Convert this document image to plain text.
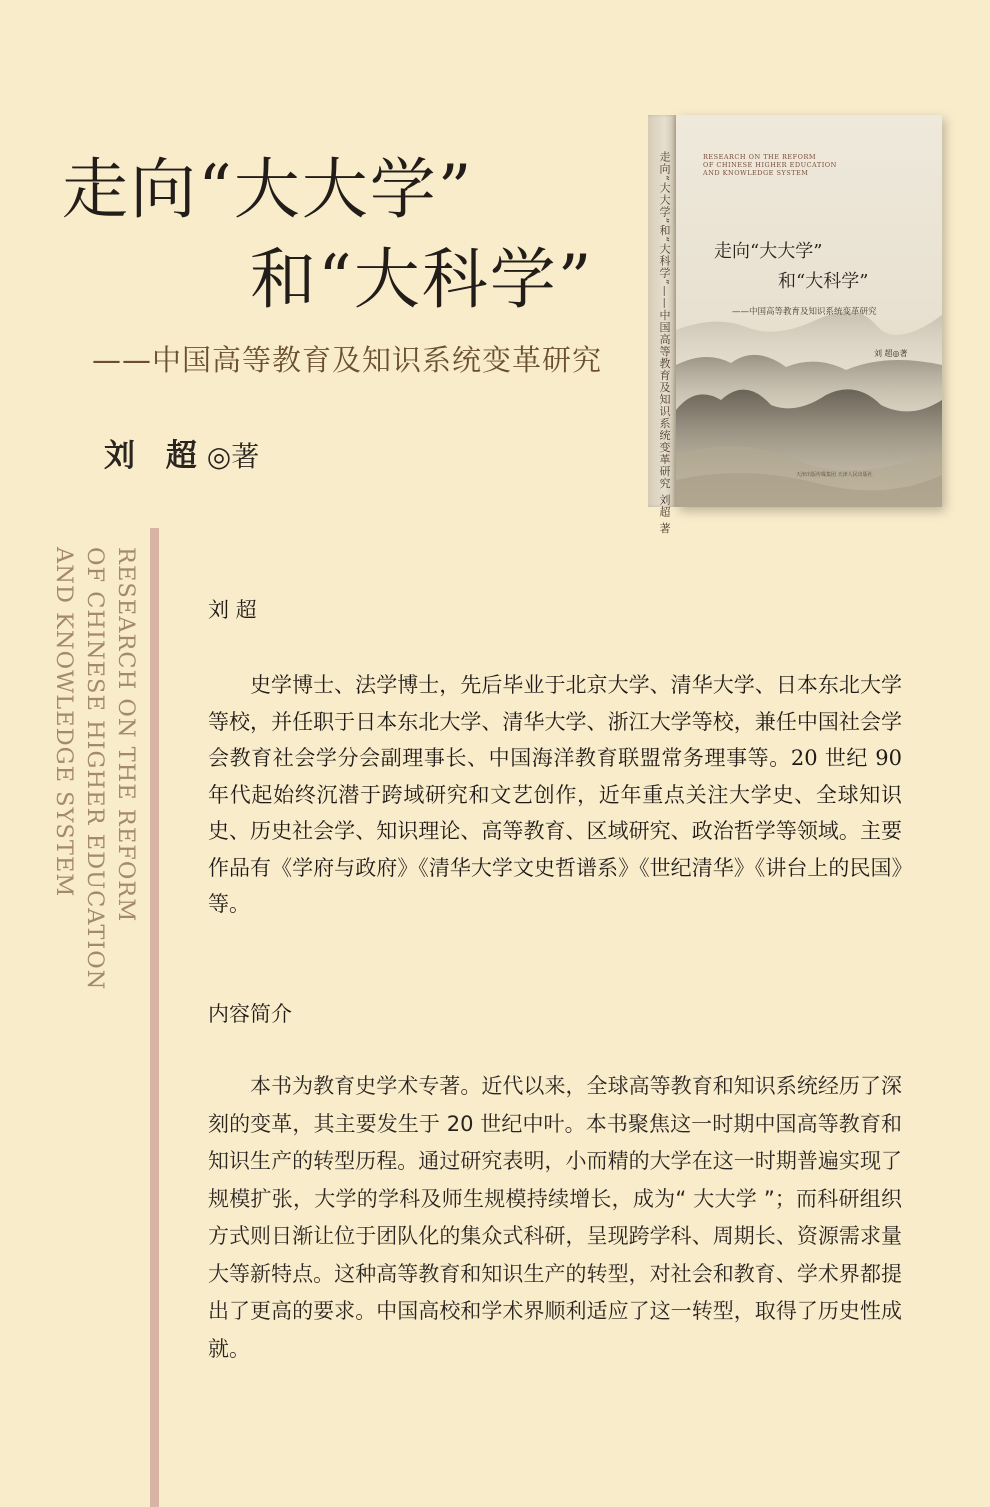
走向“大大学”
和“大科学”
——中国高等教育及知识系统变革研究
刘 超◎著	走向“大大学”和“大科学”——中国高等教育及知识系统变革研究 刘超 著	RESEARCH ON THE REFORM
OF CHINESE HIGHER EDUCATION
AND KNOWLEDGE SYSTEM
走向“大大学”
和“大科学”
——中国高等教育及知识系统变革研究
刘 超◎著
天津出版传媒集团 天津人民出版社
RESEARCH ON THE REFORM
OF CHINESE HIGHER EDUCATION
AND KNOWLEDGE SYSTEM	刘 超

史学博士、法学博士，先后毕业于北京大学、清华大学、日本东北大学等校，并任职于日本东北大学、清华大学、浙江大学等校，兼任中国社会学会教育社会学分会副理事长、中国海洋教育联盟常务理事等。20 世纪 90 年代起始终沉潜于跨域研究和文艺创作，近年重点关注大学史、全球知识史、历史社会学、知识理论、高等教育、区域研究、政治哲学等领域。主要作品有《学府与政府》《清华大学文史哲谱系》《世纪清华》《讲台上的民国》等。

内容简介

本书为教育史学术专著。近代以来，全球高等教育和知识系统经历了深刻的变革，其主要发生于 20 世纪中叶。本书聚焦这一时期中国高等教育和知识生产的转型历程。通过研究表明，小而精的大学在这一时期普遍实现了规模扩张，大学的学科及师生规模持续增长，成为“ 大大学 ”；而科研组织方式则日渐让位于团队化的集众式科研，呈现跨学科、周期长、资源需求量大等新特点。这种高等教育和知识生产的转型，对社会和教育、学术界都提出了更高的要求。中国高校和学术界顺利适应了这一转型，取得了历史性成就。
